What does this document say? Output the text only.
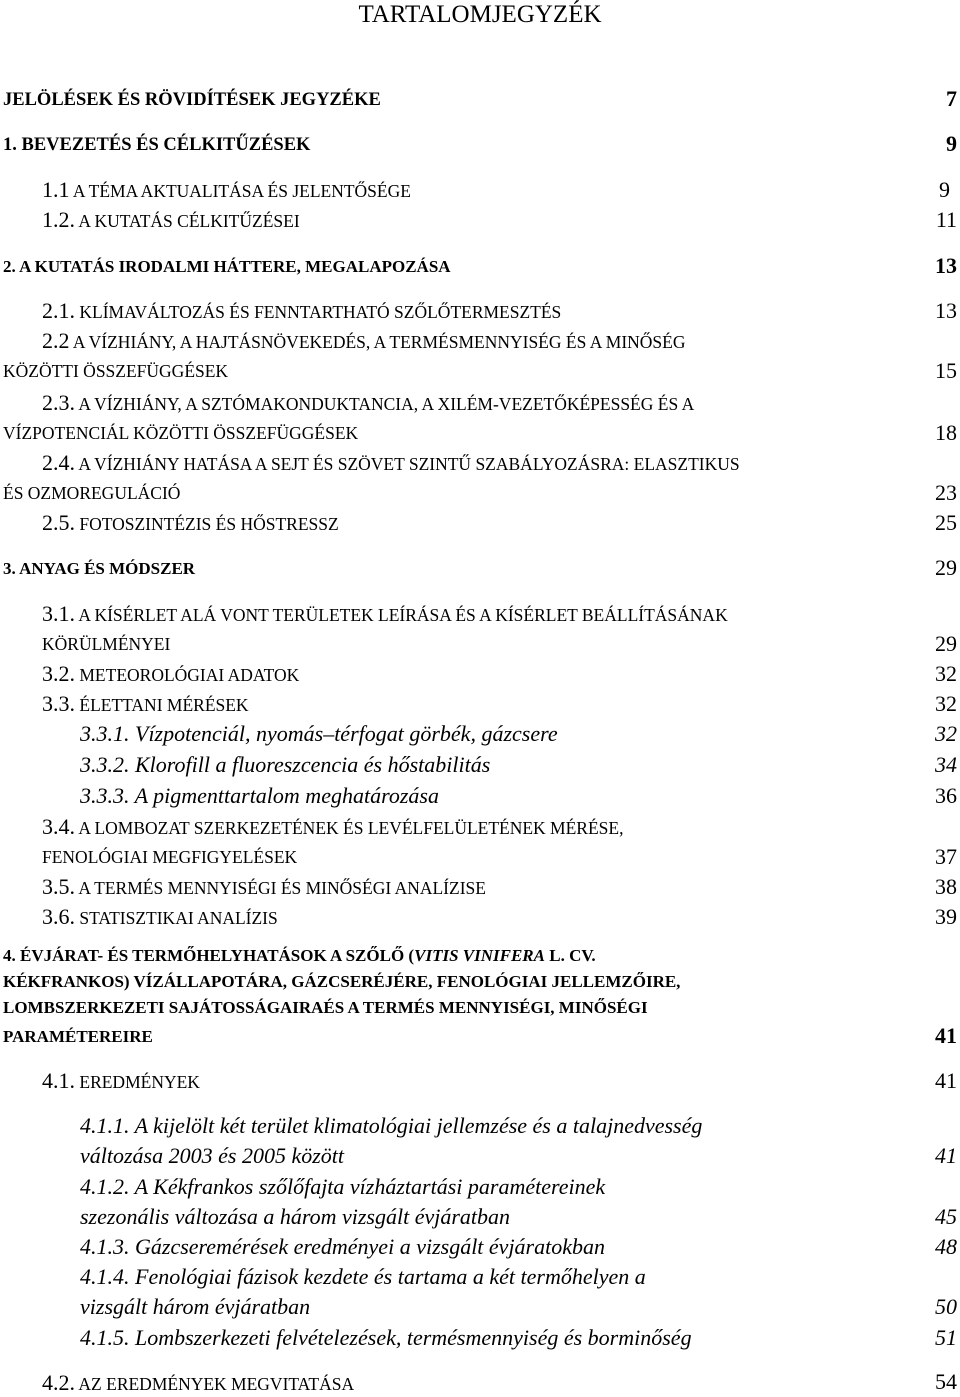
TARTALOMJEGYZÉK
JELÖLÉSEK ÉS RÖVIDÍTÉSEK JEGYZÉKE	7
1. BEVEZETÉS ÉS CÉLKITŰZÉSEK	9
1.1 A TÉMA AKTUALITÁSA ÉS JELENTŐSÉGE	9
1.2. A KUTATÁS CÉLKITŰZÉSEI	11
2. A KUTATÁS IRODALMI HÁTTERE, MEGALAPOZÁSA	13
2.1. KLÍMAVÁLTOZÁS ÉS FENNTARTHATÓ SZŐLŐTERMESZTÉS	13
2.2 A VÍZHIÁNY, A HAJTÁSNÖVEKEDÉS, A TERMÉSMENNYISÉG ÉS A MINŐSÉG
KÖZÖTTI ÖSSZEFÜGGÉSEK	15
2.3. A VÍZHIÁNY, A SZTÓMAKONDUKTANCIA, A XILÉM-VEZETŐKÉPESSÉG ÉS A
VÍZPOTENCIÁL KÖZÖTTI ÖSSZEFÜGGÉSEK	18
2.4. A VÍZHIÁNY HATÁSA A SEJT ÉS SZÖVET SZINTŰ SZABÁLYOZÁSRA: ELASZTIKUS
ÉS OZMOREGULÁCIÓ	23
2.5. FOTOSZINTÉZIS ÉS HŐSTRESSZ	25
3. ANYAG ÉS MÓDSZER	29
3.1. A KÍSÉRLET ALÁ VONT TERÜLETEK LEÍRÁSA ÉS A KÍSÉRLET BEÁLLÍTÁSÁNAK
KÖRÜLMÉNYEI	29
3.2. METEOROLÓGIAI ADATOK	32
3.3. ÉLETTANI MÉRÉSEK	32
3.3.1. Vízpotenciál, nyomás–térfogat görbék, gázcsere	32
3.3.2. Klorofill a fluoreszcencia és hőstabilitás	34
3.3.3. A pigmenttartalom meghatározása	36
3.4. A LOMBOZAT SZERKEZETÉNEK ÉS LEVÉLFELÜLETÉNEK MÉRÉSE,
FENOLÓGIAI MEGFIGYELÉSEK	37
3.5. A TERMÉS MENNYISÉGI ÉS MINŐSÉGI ANALÍZISE	38
3.6. STATISZTIKAI ANALÍZIS	39
4. ÉVJÁRAT- ÉS TERMŐHELYHATÁSOK A SZŐLŐ (VITIS VINIFERA L. CV.
KÉKFRANKOS) VÍZÁLLAPOTÁRA, GÁZCSERÉJÉRE, FENOLÓGIAI JELLEMZŐIRE,
LOMBSZERKEZETI SAJÁTOSSÁGAIRAÉS A TERMÉS MENNYISÉGI, MINŐSÉGI
PARAMÉTEREIRE	41
4.1. EREDMÉNYEK	41
4.1.1. A kijelölt két terület klimatológiai jellemzése és a talajnedvesség
változása 2003 és 2005 között	41
4.1.2. A Kékfrankos szőlőfajta vízháztartási paramétereinek
szezonális változása a három vizsgált évjáratban	45
4.1.3. Gázcseremérések eredményei a vizsgált évjáratokban	48
4.1.4. Fenológiai fázisok kezdete és tartama a két termőhelyen a
vizsgált három évjáratban	50
4.1.5. Lombszerkezeti felvételezések, termésmennyiség és borminőség	51
4.2. AZ EREDMÉNYEK MEGVITATÁSA	54
